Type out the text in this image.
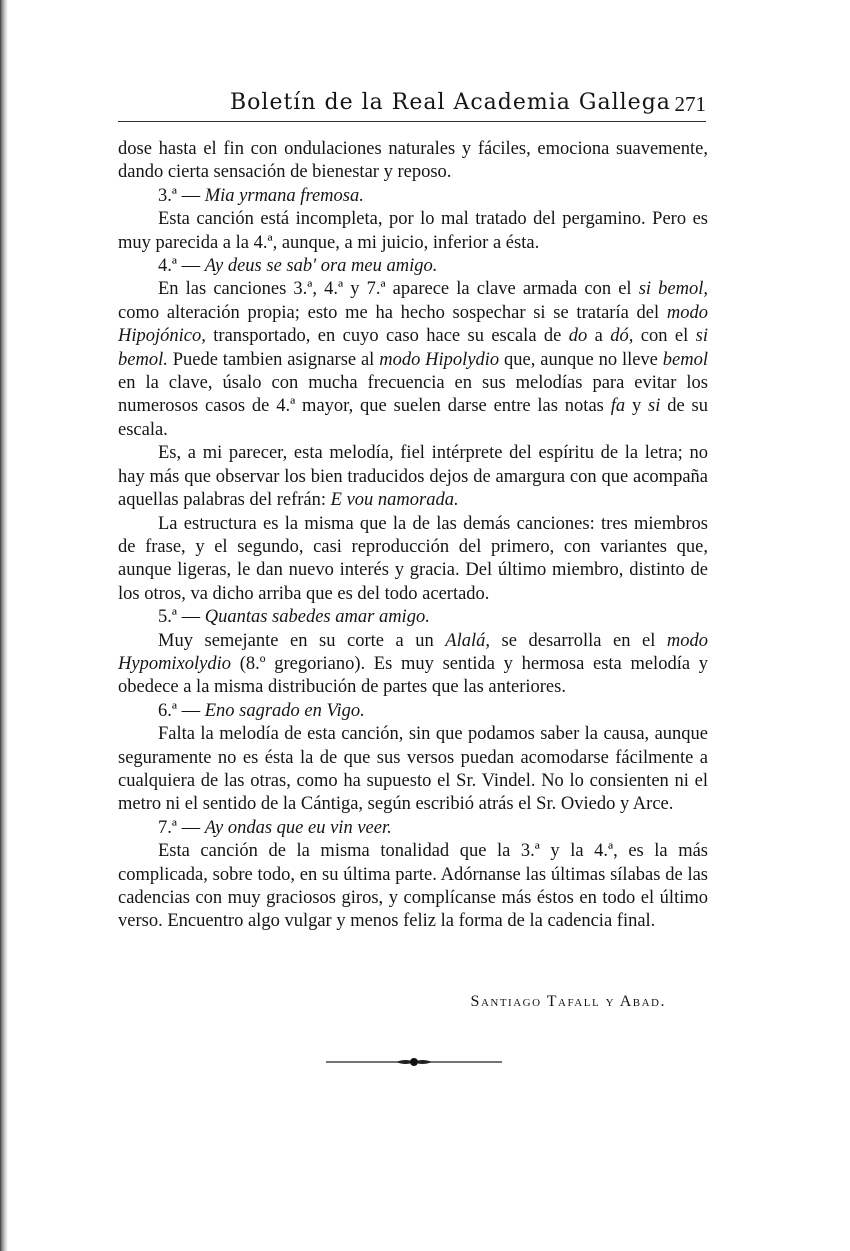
Boletín de la Real Academia Gallega 271

dose hasta el fin con ondulaciones naturales y fáciles, emociona suavemente, dando cierta sensación de bienestar y reposo.

3.ª — Mia yrmana fremosa.

Esta canción está incompleta, por lo mal tratado del pergamino. Pero es muy parecida a la 4.ª, aunque, a mi juicio, inferior a ésta.

4.ª — Ay deus se sab' ora meu amigo.

En las canciones 3.ª, 4.ª y 7.ª aparece la clave armada con el si bemol, como alteración propia; esto me ha hecho sospechar si se trataría del modo Hipojónico, transportado, en cuyo caso hace su escala de do a dó, con el si bemol. Puede tambien asignarse al modo Hipolydio que, aunque no lleve bemol en la clave, úsalo con mucha frecuencia en sus melodías para evitar los numerosos casos de 4.ª mayor, que suelen darse entre las notas fa y si de su escala.

Es, a mi parecer, esta melodía, fiel intérprete del espíritu de la letra; no hay más que observar los bien traducidos dejos de amargura con que acompaña aquellas palabras del refrán: E vou namorada.

La estructura es la misma que la de las demás canciones: tres miembros de frase, y el segundo, casi reproducción del primero, con variantes que, aunque ligeras, le dan nuevo interés y gracia. Del último miembro, distinto de los otros, va dicho arriba que es del todo acertado.

5.ª — Quantas sabedes amar amigo.

Muy semejante en su corte a un Alalá, se desarrolla en el modo Hypomixolydio (8.º gregoriano). Es muy sentida y hermosa esta melodía y obedece a la misma distribución de partes que las anteriores.

6.ª — Eno sagrado en Vigo.

Falta la melodía de esta canción, sin que podamos saber la causa, aunque seguramente no es ésta la de que sus versos puedan acomodarse fácilmente a cualquiera de las otras, como ha supuesto el Sr. Vindel. No lo consienten ni el metro ni el sentido de la Cántiga, según escribió atrás el Sr. Oviedo y Arce.

7.ª — Ay ondas que eu vin veer.

Esta canción de la misma tonalidad que la 3.ª y la 4.ª, es la más complicada, sobre todo, en su última parte. Adórnanse las últimas sílabas de las cadencias con muy graciosos giros, y complícanse más éstos en todo el último verso. Encuentro algo vulgar y menos feliz la forma de la cadencia final.

Santiago Tafall y Abad.
